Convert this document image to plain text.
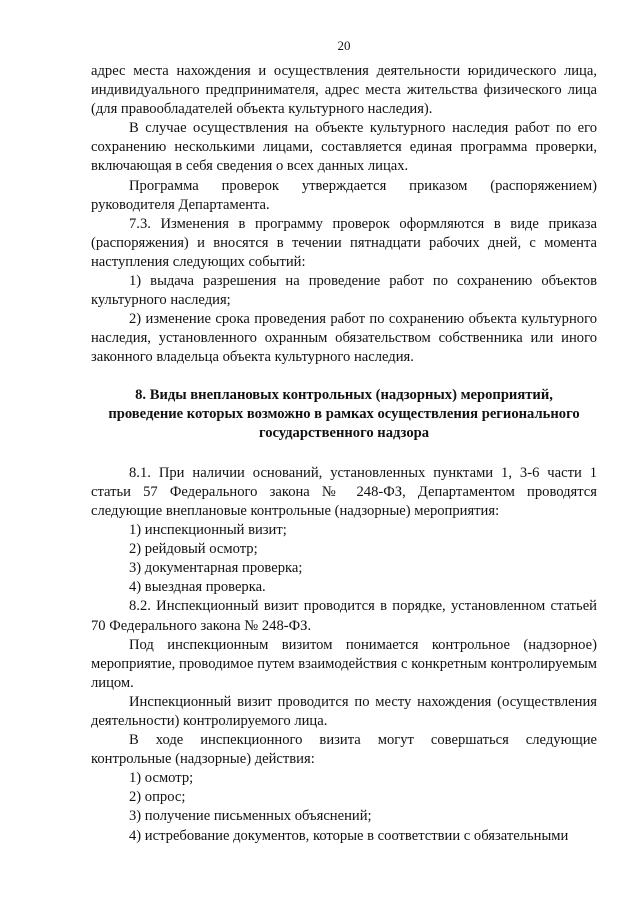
20

адрес места нахождения и осуществления деятельности юридического лица, индивидуального предпринимателя, адрес места жительства физического лица (для правообладателей объекта культурного наследия).

В случае осуществления на объекте культурного наследия работ по его сохранению несколькими лицами, составляется единая программа проверки, включающая в себя сведения о всех данных лицах.

Программа проверок утверждается приказом (распоряжением) руководителя Департамента.

7.3. Изменения в программу проверок оформляются в виде приказа (распоряжения) и вносятся в течении пятнадцати рабочих дней, с момента наступления следующих событий:

1) выдача разрешения на проведение работ по сохранению объектов культурного наследия;

2) изменение срока проведения работ по сохранению объекта культурного наследия, установленного охранным обязательством собственника или иного законного владельца объекта культурного наследия.

8. Виды внеплановых контрольных (надзорных) мероприятий,
проведение которых возможно в рамках осуществления регионального
государственного надзора

8.1. При наличии оснований, установленных пунктами 1, 3-6 части 1 статьи 57 Федерального закона № 248-ФЗ, Департаментом проводятся следующие внеплановые контрольные (надзорные) мероприятия:

1) инспекционный визит;

2) рейдовый осмотр;

3) документарная проверка;

4) выездная проверка.

8.2. Инспекционный визит проводится в порядке, установленном статьей 70 Федерального закона № 248-ФЗ.

Под инспекционным визитом понимается контрольное (надзорное) мероприятие, проводимое путем взаимодействия с конкретным контролируемым лицом.

Инспекционный визит проводится по месту нахождения (осуществления деятельности) контролируемого лица.

В ходе инспекционного визита могут совершаться следующие контрольные (надзорные) действия:

1) осмотр;

2) опрос;

3) получение письменных объяснений;

4) истребование документов, которые в соответствии с обязательными
